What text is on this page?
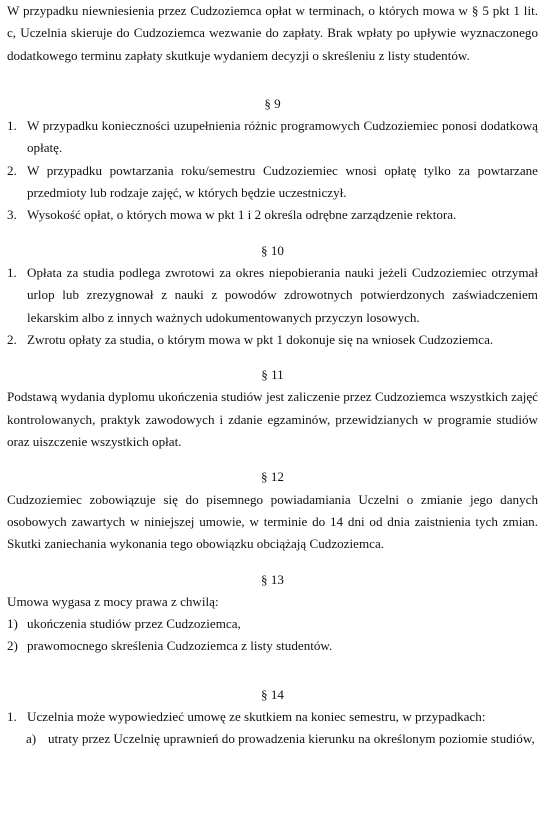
W przypadku niewniesienia przez Cudzoziemca opłat w terminach, o których mowa w § 5 pkt 1 lit. c, Uczelnia skieruje do Cudzoziemca wezwanie do zapłaty. Brak wpłaty po upływie wyznaczonego dodatkowego terminu zapłaty skutkuje wydaniem decyzji o skreśleniu z listy studentów.

§ 9

1. W przypadku konieczności uzupełnienia różnic programowych Cudzoziemiec ponosi dodatkową opłatę.
2. W przypadku powtarzania roku/semestru Cudzoziemiec wnosi opłatę tylko za powtarzane przedmioty lub rodzaje zajęć, w których będzie uczestniczył.
3. Wysokość opłat, o których mowa w pkt 1 i 2 określa odrębne zarządzenie rektora.

§ 10

1. Opłata za studia podlega zwrotowi za okres niepobierania nauki jeżeli Cudzoziemiec otrzymał urlop lub zrezygnował z nauki z powodów zdrowotnych potwierdzonych zaświadczeniem lekarskim albo z innych ważnych udokumentowanych przyczyn losowych.
2. Zwrotu opłaty za studia, o którym mowa w pkt 1 dokonuje się na wniosek Cudzoziemca.

§ 11

Podstawą wydania dyplomu ukończenia studiów jest zaliczenie przez Cudzoziemca wszystkich zajęć kontrolowanych, praktyk zawodowych i zdanie egzaminów, przewidzianych w programie studiów oraz uiszczenie wszystkich opłat.

§ 12

Cudzoziemiec zobowiązuje się do pisemnego powiadamiania Uczelni o zmianie jego danych osobowych zawartych w niniejszej umowie, w terminie do 14 dni od dnia zaistnienia tych zmian. Skutki zaniechania wykonania tego obowiązku obciążają Cudzoziemca.

§ 13

Umowa wygasa z mocy prawa z chwilą:

1) ukończenia studiów przez Cudzoziemca,
2) prawomocnego skreślenia Cudzoziemca z listy studentów.

§ 14

1. Uczelnia może wypowiedzieć umowę ze skutkiem na koniec semestru, w przypadkach:
a) utraty przez Uczelnię uprawnień do prowadzenia kierunku na określonym poziomie studiów,
